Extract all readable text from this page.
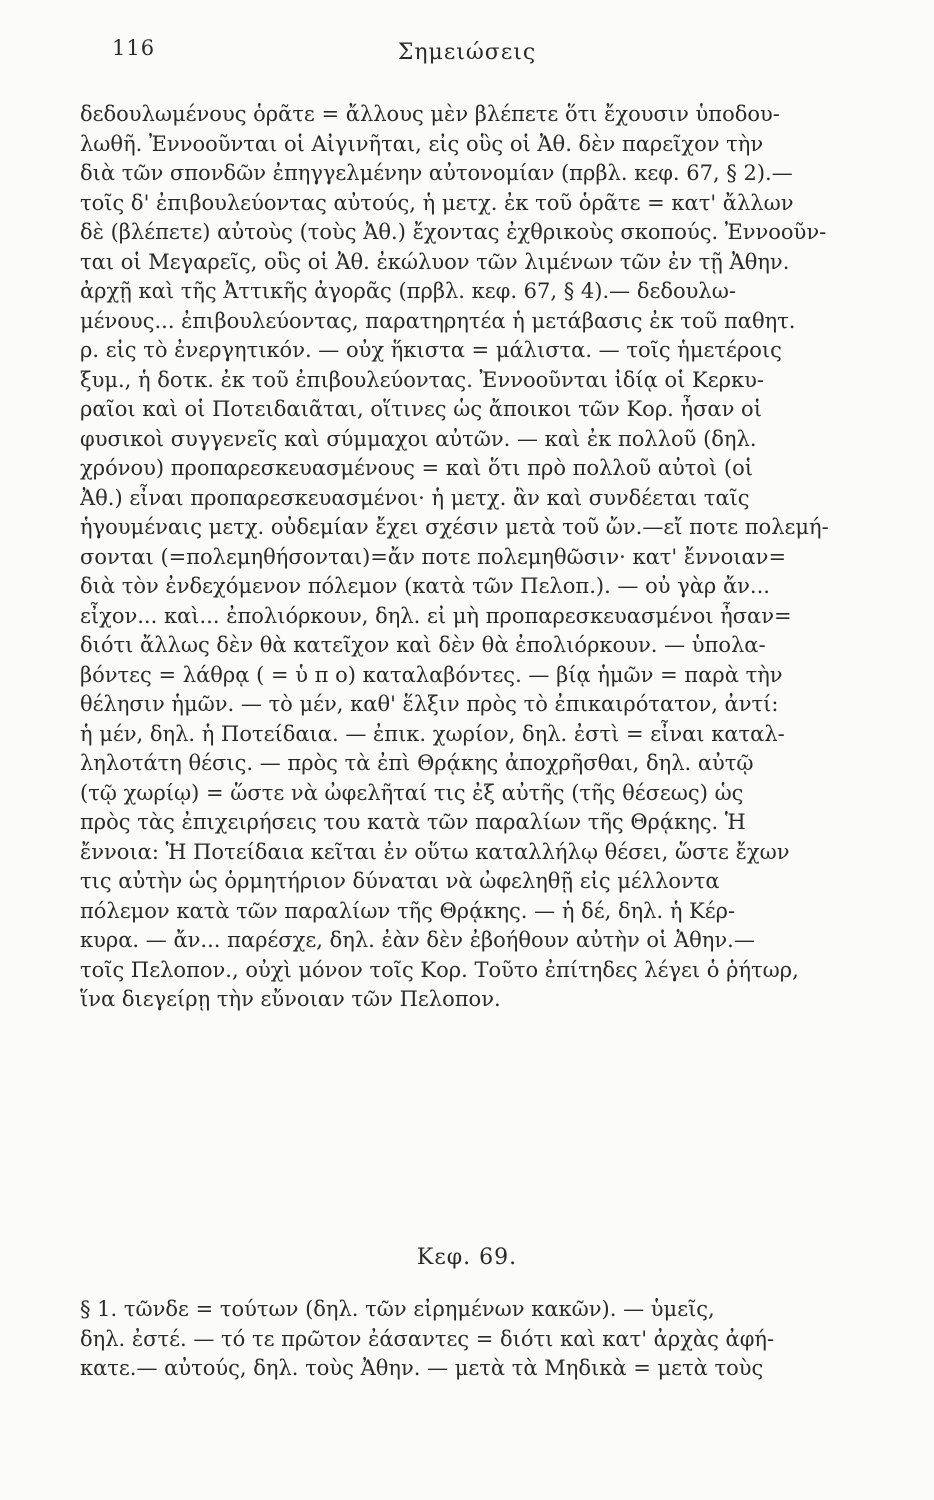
116	Σημειώσεις
δεδουλωμένους ὁρᾶτε = ἄλλους μὲν βλέπετε ὅτι ἔχουσιν ὑποδου-
λωθῆ. Ἐννοοῦνται οἱ Αἰγινῆται, εἰς οὓς οἱ Ἀθ. δὲν παρεῖχον τὴν
διὰ τῶν σπονδῶν ἐπηγγελμένην αὐτονομίαν (πρβλ. κεφ. 67, § 2).—
τοῖς δ' ἐπιβουλεύοντας αὐτούς, ἡ μετχ. ἐκ τοῦ ὁρᾶτε = κατ' ἄλλων
δὲ (βλέπετε) αὐτοὺς (τοὺς Ἀθ.) ἔχοντας ἐχθρικοὺς σκοπούς. Ἐννοοῦν-
ται οἱ Μεγαρεῖς, οὓς οἱ Ἀθ. ἐκώλυον τῶν λιμένων τῶν ἐν τῇ Ἀθην.
ἀρχῇ καὶ τῆς Ἀττικῆς ἀγορᾶς (πρβλ. κεφ. 67, § 4).— δεδουλω-
μένους... ἐπιβουλεύοντας, παρατηρητέα ἡ μετάβασις ἐκ τοῦ παθητ.
ρ. εἰς τὸ ἐνεργητικόν. — οὐχ ἥκιστα = μάλιστα. — τοῖς ἡμετέροις
ξυμ., ἡ δοτκ. ἐκ τοῦ ἐπιβουλεύοντας. Ἐννοοῦνται ἰδίᾳ οἱ Κερκυ-
ραῖοι καὶ οἱ Ποτειδαιᾶται, οἵτινες ὡς ἄποικοι τῶν Κορ. ἦσαν οἱ
φυσικοὶ συγγενεῖς καὶ σύμμαχοι αὐτῶν. — καὶ ἐκ πολλοῦ (δηλ.
χρόνου) προπαρεσκευασμένους = καὶ ὅτι πρὸ πολλοῦ αὐτοὶ (οἱ
Ἀθ.) εἶναι προπαρεσκευασμένοι· ἡ μετχ. ἂν καὶ συνδέεται ταῖς
ἡγουμέναις μετχ. οὐδεμίαν ἔχει σχέσιν μετὰ τοῦ ὤν.—εἴ ποτε πολεμή-
σονται (=πολεμηθήσονται)=ἄν ποτε πολεμηθῶσιν· κατ' ἔννοιαν=
διὰ τὸν ἐνδεχόμενον πόλεμον (κατὰ τῶν Πελοπ.). — οὐ γὰρ ἄν...
εἶχον... καὶ... ἐπολιόρκουν, δηλ. εἰ μὴ προπαρεσκευασμένοι ἦσαν=
διότι ἄλλως δὲν θὰ κατεῖχον καὶ δὲν θὰ ἐπολιόρκουν. — ὑπολα-
βόντες = λάθρᾳ ( = ὑ π ο) καταλαβόντες. — βίᾳ ἡμῶν = παρὰ τὴν
θέλησιν ἡμῶν. — τὸ μέν, καθ' ἕλξιν πρὸς τὸ ἐπικαιρότατον, ἀντί:
ἡ μέν, δηλ. ἡ Ποτείδαια. — ἐπικ. χωρίον, δηλ. ἐστὶ = εἶναι καταλ-
ληλοτάτη θέσις. — πρὸς τὰ ἐπὶ Θρᾴκης ἀποχρῆσθαι, δηλ. αὐτῷ
(τῷ χωρίῳ) = ὥστε νὰ ὠφελῆταί τις ἐξ αὐτῆς (τῆς θέσεως) ὡς
πρὸς τὰς ἐπιχειρήσεις του κατὰ τῶν παραλίων τῆς Θρᾴκης. Ἡ
ἔννοια: Ἡ Ποτείδαια κεῖται ἐν οὕτω καταλλήλῳ θέσει, ὥστε ἔχων
τις αὐτὴν ὡς ὁρμητήριον δύναται νὰ ὠφεληθῇ εἰς μέλλοντα
πόλεμον κατὰ τῶν παραλίων τῆς Θρᾴκης. — ἡ δέ, δηλ. ἡ Κέρ-
κυρα. — ἄν... παρέσχε, δηλ. ἐὰν δὲν ἐβοήθουν αὐτὴν οἱ Ἀθην.—
τοῖς Πελοπον., οὐχὶ μόνον τοῖς Κορ. Τοῦτο ἐπίτηδες λέγει ὁ ῥήτωρ,
ἵνα διεγείρῃ τὴν εὔνοιαν τῶν Πελοπον.
Κεφ. 69.
§ 1. τῶνδε = τούτων (δηλ. τῶν εἰρημένων κακῶν). — ὑμεῖς,
δηλ. ἐστέ. — τό τε πρῶτον ἐάσαντες = διότι καὶ κατ' ἀρχὰς ἀφή-
κατε.— αὐτούς, δηλ. τοὺς Ἀθην. — μετὰ τὰ Μηδικὰ = μετὰ τοὺς
